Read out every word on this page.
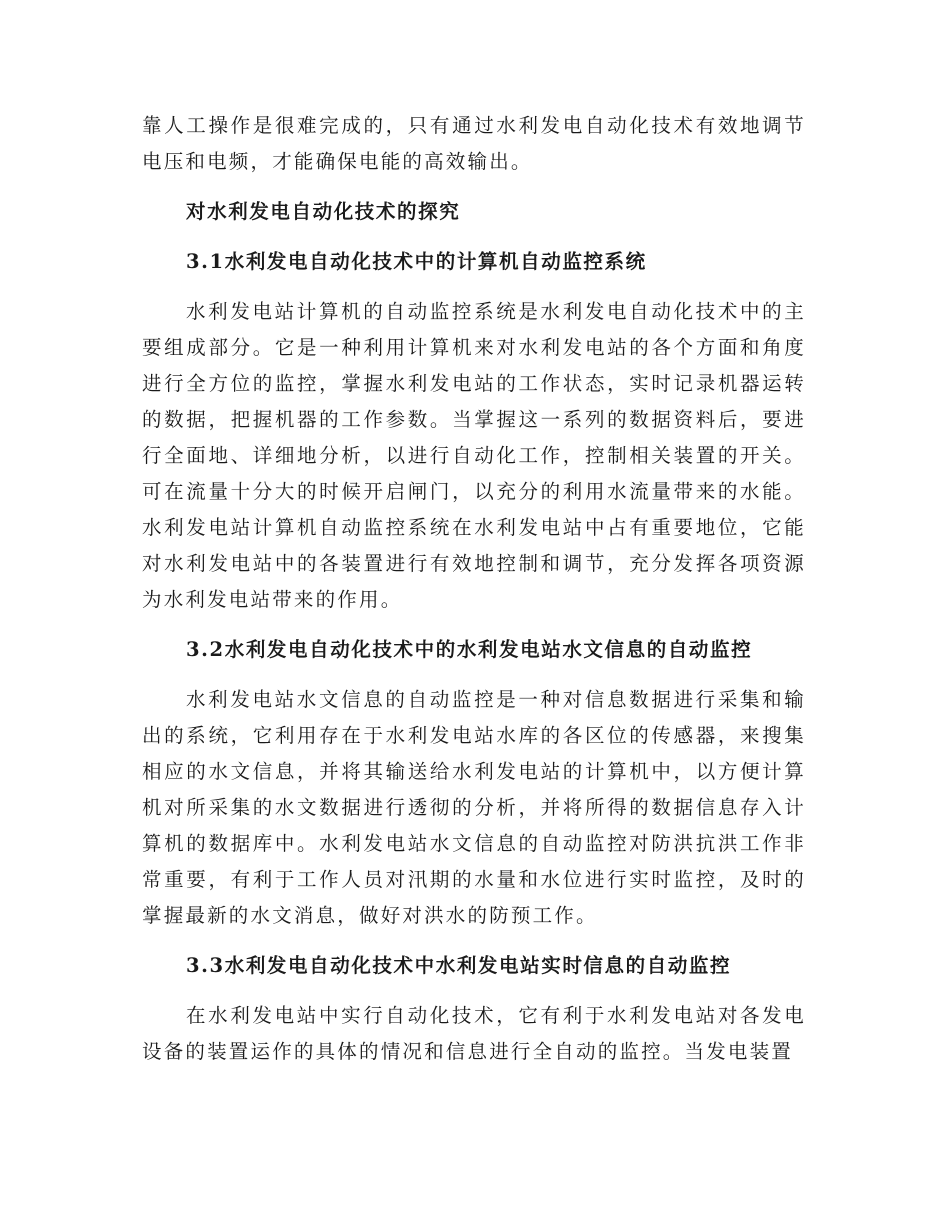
靠人工操作是很难完成的，只有通过水利发电自动化技术有效地调节电压和电频，才能确保电能的高效输出。

对水利发电自动化技术的探究
3.1水利发电自动化技术中的计算机自动监控系统

水利发电站计算机的自动监控系统是水利发电自动化技术中的主要组成部分。它是一种利用计算机来对水利发电站的各个方面和角度进行全方位的监控，掌握水利发电站的工作状态，实时记录机器运转的数据，把握机器的工作参数。当掌握这一系列的数据资料后，要进行全面地、详细地分析，以进行自动化工作，控制相关装置的开关。可在流量十分大的时候开启闸门，以充分的利用水流量带来的水能。水利发电站计算机自动监控系统在水利发电站中占有重要地位，它能对水利发电站中的各装置进行有效地控制和调节，充分发挥各项资源为水利发电站带来的作用。

3.2水利发电自动化技术中的水利发电站水文信息的自动监控

水利发电站水文信息的自动监控是一种对信息数据进行采集和输出的系统，它利用存在于水利发电站水库的各区位的传感器，来搜集相应的水文信息，并将其输送给水利发电站的计算机中，以方便计算机对所采集的水文数据进行透彻的分析，并将所得的数据信息存入计算机的数据库中。水利发电站水文信息的自动监控对防洪抗洪工作非常重要，有利于工作人员对汛期的水量和水位进行实时监控，及时的掌握最新的水文消息，做好对洪水的防预工作。

3.3水利发电自动化技术中水利发电站实时信息的自动监控

在水利发电站中实行自动化技术，它有利于水利发电站对各发电设备的装置运作的具体的情况和信息进行全自动的监控。当发电装置
